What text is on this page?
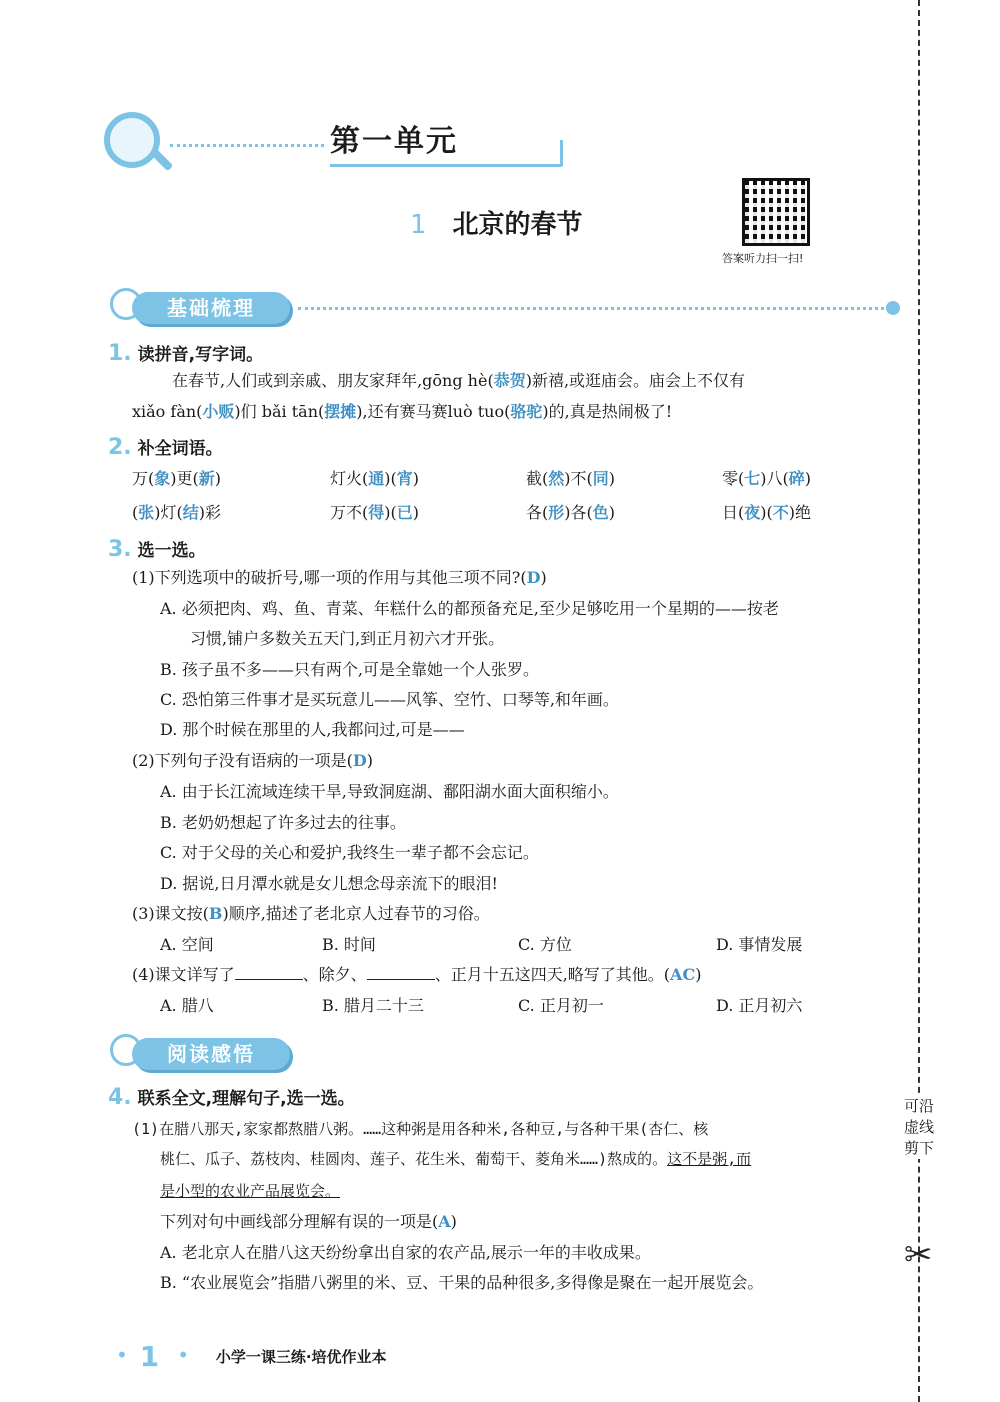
可沿虚线剪下
✂
第一单元
1 北京的春节
答案听力扫一扫!
基础梳理
1. 读拼音,写字词。
在春节,人们或到亲戚、朋友家拜年,gōng hè(恭贺)新禧,或逛庙会。庙会上不仅有
xiǎo fàn(小贩)们 bǎi tān(摆摊),还有赛马赛luò tuo(骆驼)的,真是热闹极了!
2. 补全词语。
万(象)更(新)	灯火(通)(宵)	截(然)不(同)	零(七)八(碎)
(张)灯(结)彩	万不(得)(已)	各(形)各(色)	日(夜)(不)绝
3. 选一选。
(1)下列选项中的破折号,哪一项的作用与其他三项不同?(D)
A. 必须把肉、鸡、鱼、青菜、年糕什么的都预备充足,至少足够吃用一个星期的——按老
习惯,铺户多数关五天门,到正月初六才开张。
B. 孩子虽不多——只有两个,可是全靠她一个人张罗。
C. 恐怕第三件事才是买玩意儿——风筝、空竹、口琴等,和年画。
D. 那个时候在那里的人,我都问过,可是——
(2)下列句子没有语病的一项是(D)
A. 由于长江流域连续干旱,导致洞庭湖、鄱阳湖水面大面积缩小。
B. 老奶奶想起了许多过去的往事。
C. 对于父母的关心和爱护,我终生一辈子都不会忘记。
D. 据说,日月潭水就是女儿想念母亲流下的眼泪!
(3)课文按(B)顺序,描述了老北京人过春节的习俗。
A. 空间	B. 时间	C. 方位	D. 事情发展
(4)课文详写了	、除夕、	、正月十五这四天,略写了其他。(AC)
A. 腊八	B. 腊月二十三	C. 正月初一	D. 正月初六
阅读感悟
4. 联系全文,理解句子,选一选。
(1)在腊八那天,家家都熬腊八粥。……这种粥是用各种米,各种豆,与各种干果(杏仁、核
桃仁、瓜子、荔枝肉、桂圆肉、莲子、花生米、葡萄干、菱角米……)熬成的。这不是粥,而
是小型的农业产品展览会。
下列对句中画线部分理解有误的一项是(A)
A. 老北京人在腊八这天纷纷拿出自家的农产品,展示一年的丰收成果。
B. “农业展览会”指腊八粥里的米、豆、干果的品种很多,多得像是聚在一起开展览会。
• 1 • 小学一课三练·培优作业本
